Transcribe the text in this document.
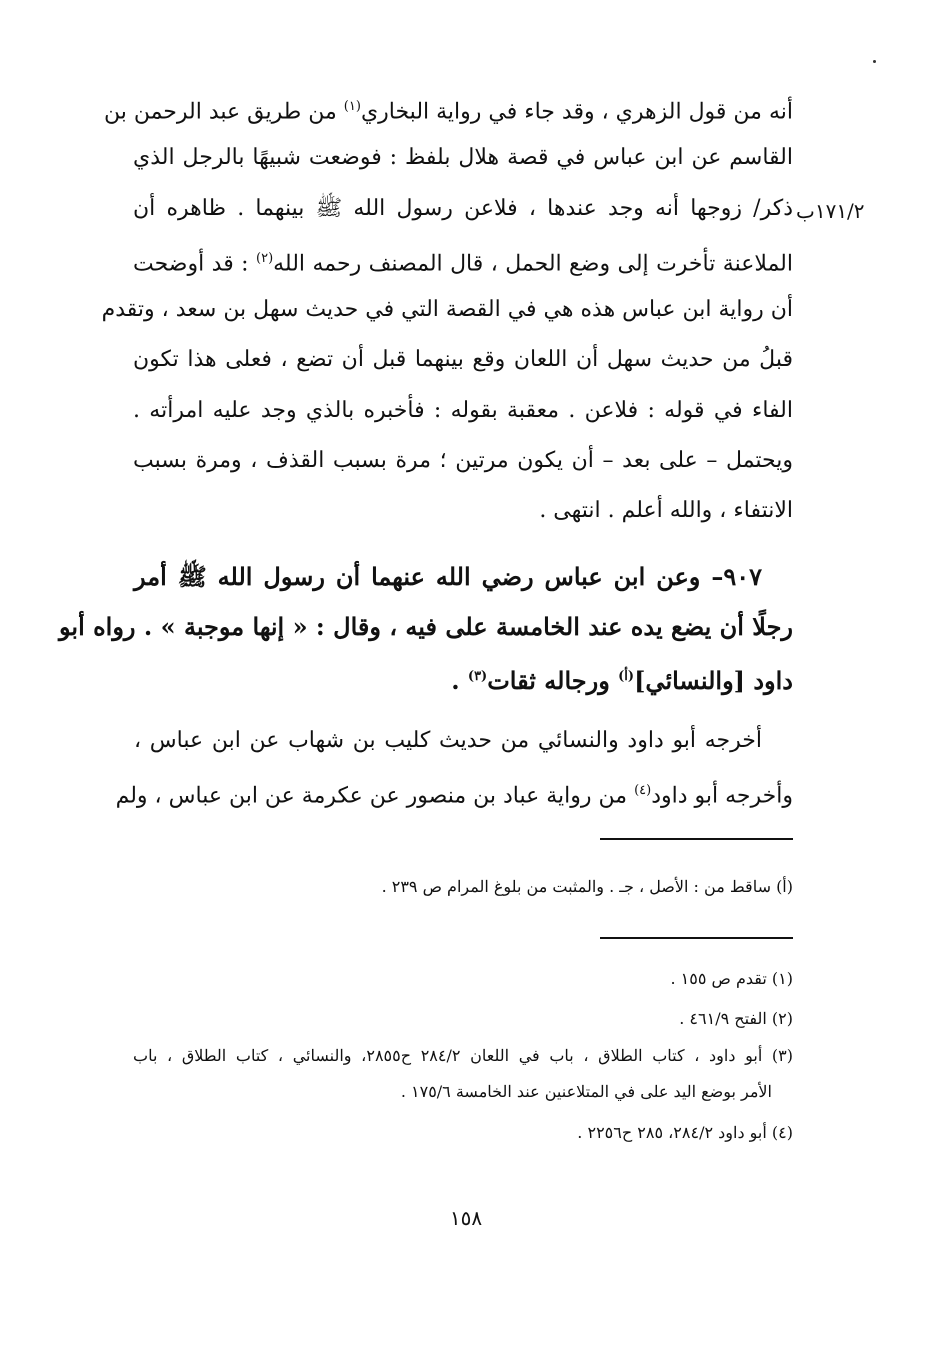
أنه من قول الزهري ، وقد جاء في رواية البخاري$^{(١)}$ من طريق عبد الرحمن بن
القاسم عن ابن عباس في قصة هلال بلفظ : فوضعت شبيهًا بالرجل الذي
ذكر/ زوجها أنه وجد عندها ، فلاعن رسول الله ﷺ بينهما . ظاهره أن ١٧١/٢ب
الملاعنة تأخرت إلى وضع الحمل ، قال المصنف رحمه الله$^{(٢)}$ : قد أوضحت
أن رواية ابن عباس هذه هي في القصة التي في حديث سهل بن سعد ، وتقدم
قبلُ من حديث سهل أن اللعان وقع بينهما قبل أن تضع ، فعلى هذا تكون
الفاء في قوله : فلاعن . معقبة بقوله : فأخبره بالذي وجد عليه امرأته .
ويحتمل – على بعد – أن يكون مرتين ؛ مرة بسبب القذف ، ومرة بسبب
الانتفاء ، والله أعلم . انتهى .
٩٠٧– وعن ابن عباس رضي الله عنهما أن رسول الله ﷺ أمر
رجلًا أن يضع يده عند الخامسة على فيه ، وقال : « إنها موجبة » . رواه أبو
داود [والنسائي]$^{(أ)}$ ورجاله ثقات$^{(٣)}$ .
أخرجه أبو داود والنسائي من حديث كليب بن شهاب عن ابن عباس ،
وأخرجه أبو داود$^{(٤)}$ من رواية عباد بن منصور عن عكرمة عن ابن عباس ، ولم
(أ) ساقط من : الأصل ، جـ . والمثبت من بلوغ المرام ص ٢٣٩ .
(١) تقدم ص ١٥٥ .
(٢) الفتح ٤٦١/٩ .
(٣) أبو داود ، كتاب الطلاق ، باب في اللعان ٢٨٤/٢ ح٢٨٥٥، والنسائي ، كتاب الطلاق ، باب
الأمر بوضع اليد على في المتلاعنين عند الخامسة ١٧٥/٦ .
(٤) أبو داود ٢٨٤/٢، ٢٨٥ ح٢٢٥٦ .
١٥٨
